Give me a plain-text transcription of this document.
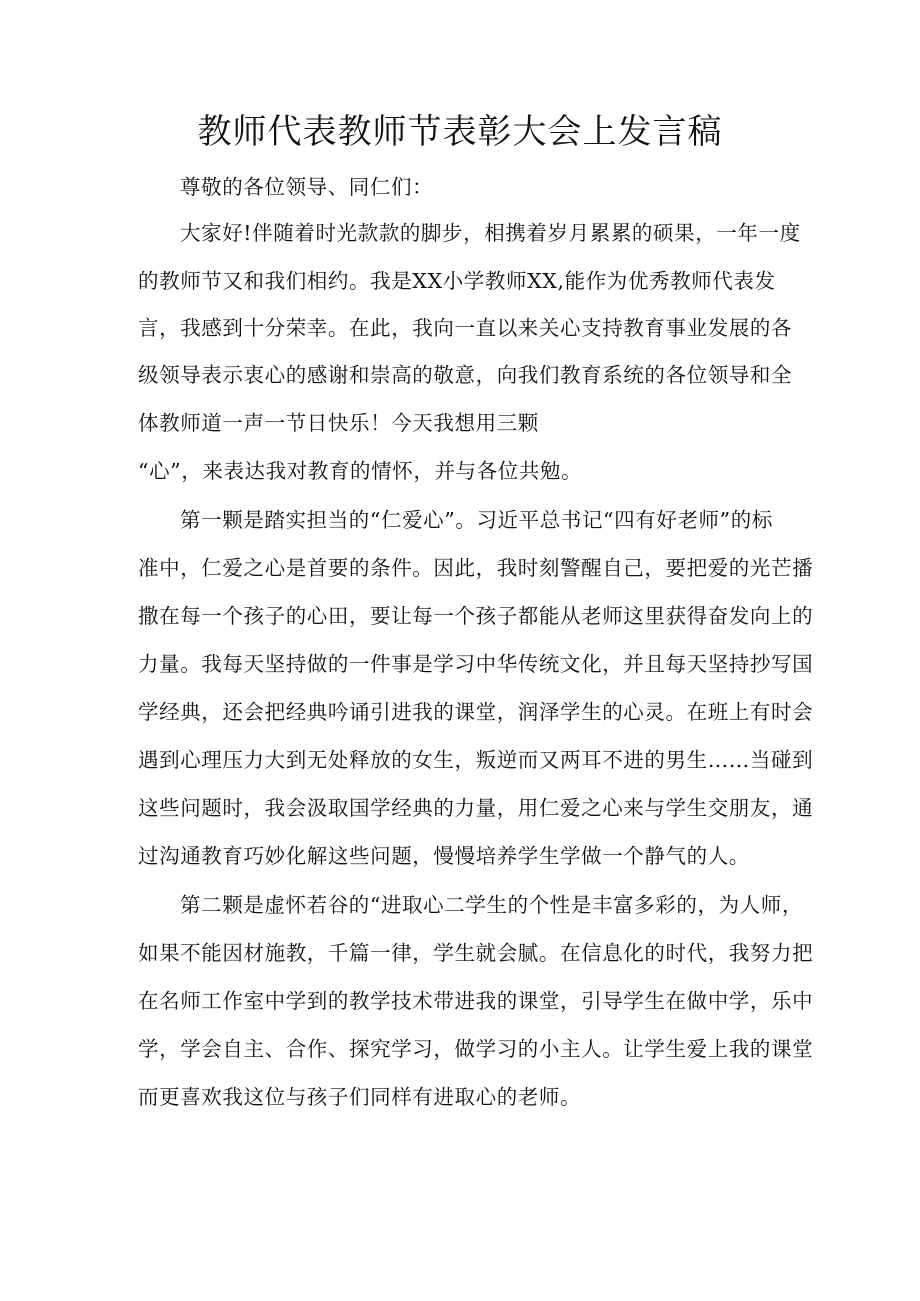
教师代表教师节表彰大会上发言稿
尊敬的各位领导、同仁们：
大家好!伴随着时光款款的脚步，相携着岁月累累的硕果，一年一度
的教师节又和我们相约。我是XX小学教师XX,能作为优秀教师代表发
言，我感到十分荣幸。在此，我向一直以来关心支持教育事业发展的各
级领导表示衷心的感谢和崇高的敬意，向我们教育系统的各位领导和全
体教师道一声一节日快乐！今天我想用三颗
“心”，来表达我对教育的情怀，并与各位共勉。
第一颗是踏实担当的“仁爱心”。习近平总书记“四有好老师”的标
准中，仁爱之心是首要的条件。因此，我时刻警醒自己，要把爱的光芒播
撒在每一个孩子的心田，要让每一个孩子都能从老师这里获得奋发向上的
力量。我每天坚持做的一件事是学习中华传统文化，并且每天坚持抄写国
学经典，还会把经典吟诵引进我的课堂，润泽学生的心灵。在班上有时会
遇到心理压力大到无处释放的女生，叛逆而又两耳不进的男生……当碰到
这些问题时，我会汲取国学经典的力量，用仁爱之心来与学生交朋友，通
过沟通教育巧妙化解这些问题，慢慢培养学生学做一个静气的人。
第二颗是虚怀若谷的“进取心二学生的个性是丰富多彩的，为人师，
如果不能因材施教，千篇一律，学生就会腻。在信息化的时代，我努力把
在名师工作室中学到的教学技术带进我的课堂，引导学生在做中学，乐中
学，学会自主、合作、探究学习，做学习的小主人。让学生爱上我的课堂
而更喜欢我这位与孩子们同样有进取心的老师。
